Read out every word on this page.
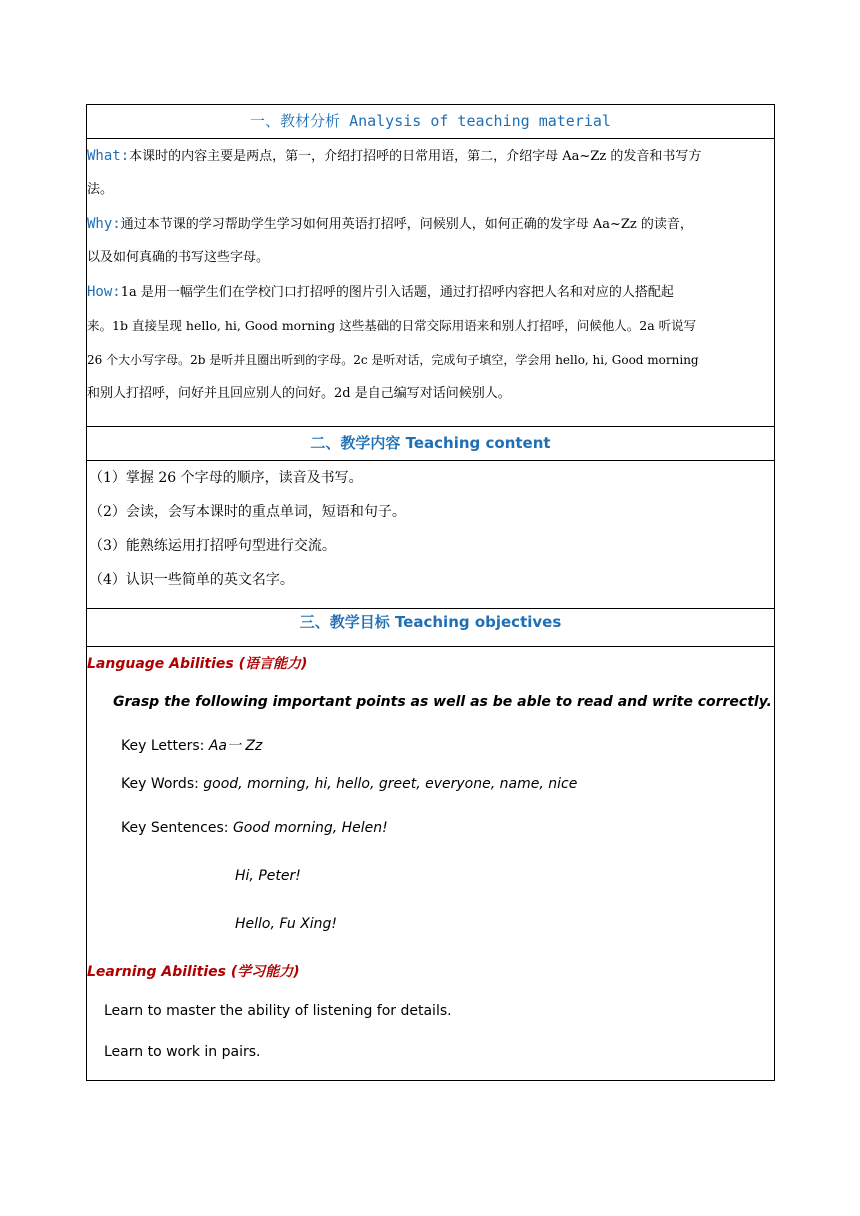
一、教材分析 Analysis of teaching material
What:本课时的内容主要是两点，第一，介绍打招呼的日常用语，第二，介绍字母 Aa~Zz 的发音和书写方
法。
Why:通过本节课的学习帮助学生学习如何用英语打招呼，问候别人，如何正确的发字母 Aa~Zz 的读音，
以及如何真确的书写这些字母。
How:1a 是用一幅学生们在学校门口打招呼的图片引入话题，通过打招呼内容把人名和对应的人搭配起
来。1b 直接呈现 hello, hi, Good morning 这些基础的日常交际用语来和别人打招呼，问候他人。2a 听说写
26 个大小写字母。2b 是听并且圈出听到的字母。2c 是听对话，完成句子填空，学会用 hello, hi, Good morning
和别人打招呼，问好并且回应别人的问好。2d 是自己编写对话问候别人。
二、教学内容 Teaching content
（1）掌握 26 个字母的顺序，读音及书写。
（2）会读，会写本课时的重点单词，短语和句子。
（3）能熟练运用打招呼句型进行交流。
（4）认识一些简单的英文名字。
三、教学目标 Teaching objectives
Language Abilities (语言能力)
Grasp the following important points as well as be able to read and write correctly.
Key Letters: Aa一 Zz
Key Words: good, morning, hi, hello, greet, everyone, name, nice
Key Sentences: Good morning, Helen!
Hi, Peter!
Hello, Fu Xing!
Learning Abilities (学习能力)
Learn to master the ability of listening for details.
Learn to work in pairs.
